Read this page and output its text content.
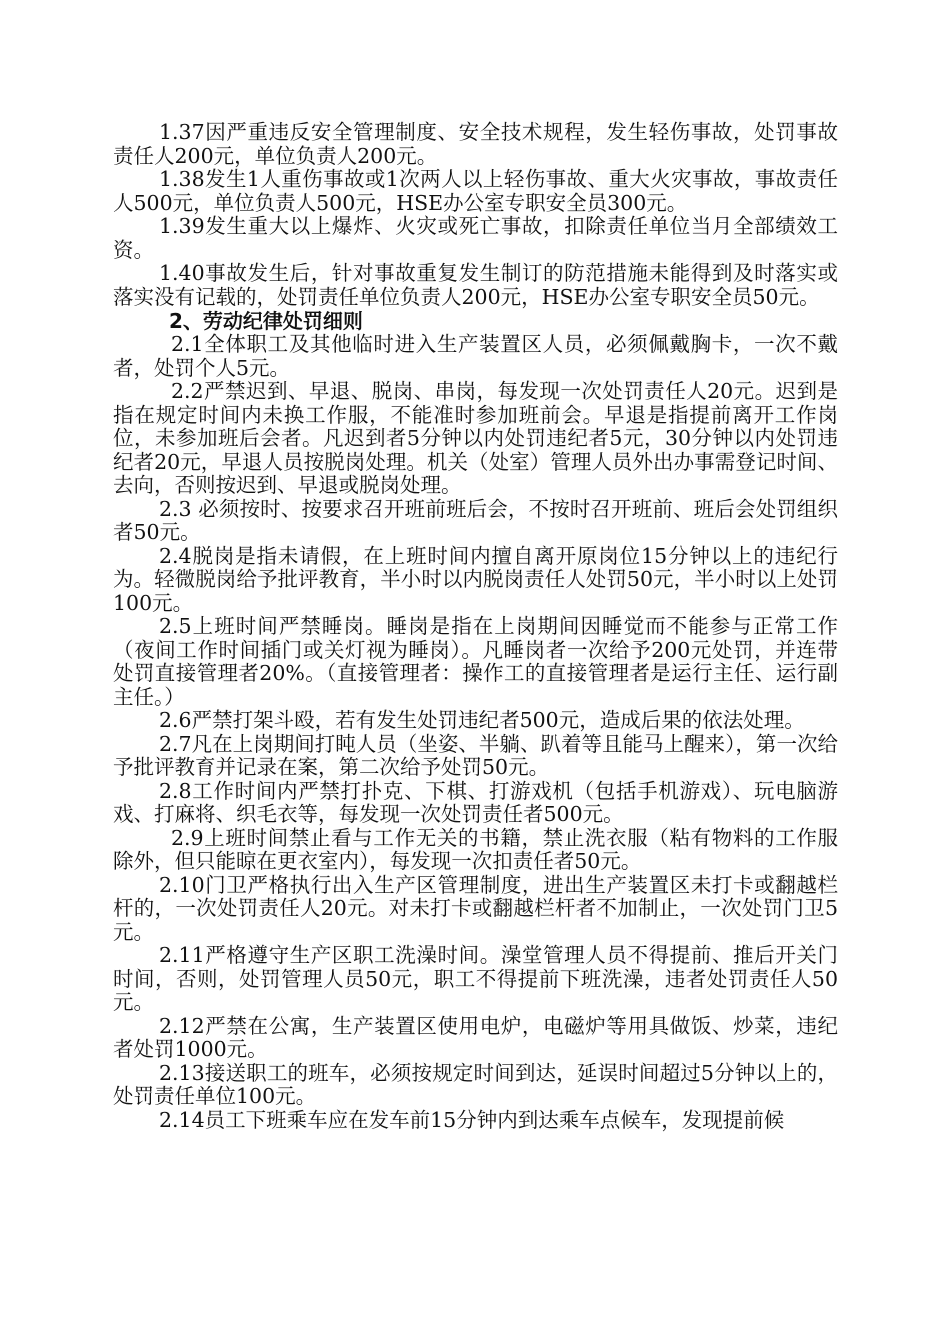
1.37因严重违反安全管理制度、安全技术规程，发生轻伤事故，处罚事故责任人200元，单位负责人200元。

1.38发生1人重伤事故或1次两人以上轻伤事故、重大火灾事故，事故责任人500元，单位负责人500元，HSE办公室专职安全员300元。

1.39发生重大以上爆炸、火灾或死亡事故，扣除责任单位当月全部绩效工资。

1.40事故发生后，针对事故重复发生制订的防范措施未能得到及时落实或落实没有记载的，处罚责任单位负责人200元，HSE办公室专职安全员50元。

2、劳动纪律处罚细则

2.1全体职工及其他临时进入生产装置区人员，必须佩戴胸卡，一次不戴者，处罚个人5元。

2.2严禁迟到、早退、脱岗、串岗，每发现一次处罚责任人20元。迟到是指在规定时间内未换工作服，不能准时参加班前会。早退是指提前离开工作岗位，未参加班后会者。凡迟到者5分钟以内处罚违纪者5元，30分钟以内处罚违纪者20元，早退人员按脱岗处理。机关（处室）管理人员外出办事需登记时间、去向，否则按迟到、早退或脱岗处理。

2.3 必须按时、按要求召开班前班后会，不按时召开班前、班后会处罚组织者50元。

2.4脱岗是指未请假，在上班时间内擅自离开原岗位15分钟以上的违纪行为。轻微脱岗给予批评教育，半小时以内脱岗责任人处罚50元，半小时以上处罚100元。

2.5上班时间严禁睡岗。睡岗是指在上岗期间因睡觉而不能参与正常工作（夜间工作时间插门或关灯视为睡岗）。凡睡岗者一次给予200元处罚，并连带处罚直接管理者20%。（直接管理者：操作工的直接管理者是运行主任、运行副主任。）

2.6严禁打架斗殴，若有发生处罚违纪者500元，造成后果的依法处理。

2.7凡在上岗期间打盹人员（坐姿、半躺、趴着等且能马上醒来），第一次给予批评教育并记录在案，第二次给予处罚50元。

2.8工作时间内严禁打扑克、下棋、打游戏机（包括手机游戏）、玩电脑游戏、打麻将、织毛衣等，每发现一次处罚责任者500元。

2.9上班时间禁止看与工作无关的书籍，禁止洗衣服（粘有物料的工作服除外，但只能晾在更衣室内），每发现一次扣责任者50元。

2.10门卫严格执行出入生产区管理制度，进出生产装置区未打卡或翻越栏杆的，一次处罚责任人20元。对未打卡或翻越栏杆者不加制止，一次处罚门卫5元。

2.11严格遵守生产区职工洗澡时间。澡堂管理人员不得提前、推后开关门时间，否则，处罚管理人员50元，职工不得提前下班洗澡，违者处罚责任人50元。

2.12严禁在公寓，生产装置区使用电炉，电磁炉等用具做饭、炒菜，违纪者处罚1000元。

2.13接送职工的班车，必须按规定时间到达，延误时间超过5分钟以上的，处罚责任单位100元。

2.14员工下班乘车应在发车前15分钟内到达乘车点候车，发现提前候
